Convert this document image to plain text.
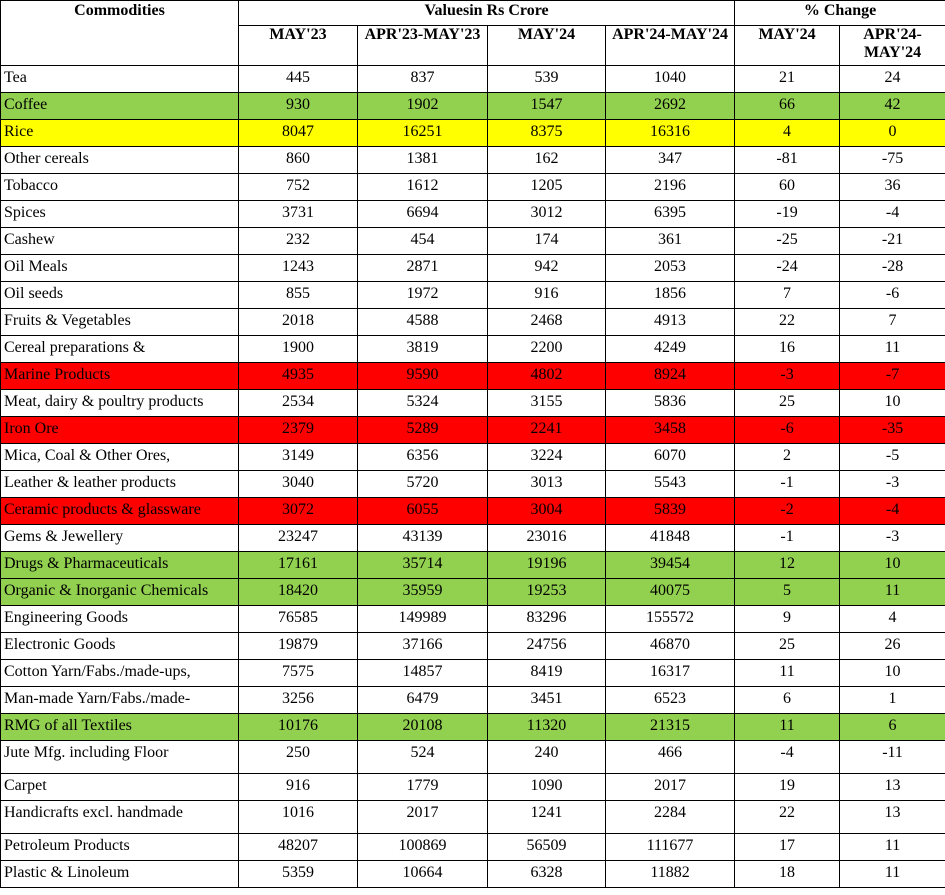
Commodities	Valuesin Rs Crore				% Change	

	MAY'23	APR'23-MAY'23	MAY'24	APR'24-MAY'24	MAY'24	APR'24-MAY'24

Tea	445	837	539	1040	21	24
Coffee	930	1902	1547	2692	66	42
Rice	8047	16251	8375	16316	4	0
Other cereals	860	1381	162	347	-81	-75
Tobacco	752	1612	1205	2196	60	36
Spices	3731	6694	3012	6395	-19	-4
Cashew	232	454	174	361	-25	-21
Oil Meals	1243	2871	942	2053	-24	-28
Oil seeds	855	1972	916	1856	7	-6
Fruits & Vegetables	2018	4588	2468	4913	22	7
Cereal preparations &	1900	3819	2200	4249	16	11
Marine Products	4935	9590	4802	8924	-3	-7
Meat, dairy & poultry products	2534	5324	3155	5836	25	10
Iron Ore	2379	5289	2241	3458	-6	-35
Mica, Coal & Other Ores,	3149	6356	3224	6070	2	-5
Leather & leather products	3040	5720	3013	5543	-1	-3
Ceramic products & glassware	3072	6055	3004	5839	-2	-4
Gems & Jewellery	23247	43139	23016	41848	-1	-3
Drugs & Pharmaceuticals	17161	35714	19196	39454	12	10
Organic & Inorganic Chemicals	18420	35959	19253	40075	5	11
Engineering Goods	76585	149989	83296	155572	9	4
Electronic Goods	19879	37166	24756	46870	25	26
Cotton Yarn/Fabs./made-ups,	7575	14857	8419	16317	11	10
Man-made Yarn/Fabs./made-	3256	6479	3451	6523	6	1
RMG of all Textiles	10176	20108	11320	21315	11	6
Jute Mfg. including Floor	250	524	240	466	-4	-11
Carpet	916	1779	1090	2017	19	13
Handicrafts excl. handmade	1016	2017	1241	2284	22	13
Petroleum Products	48207	100869	56509	111677	17	11
Plastic & Linoleum	5359	10664	6328	11882	18	11
